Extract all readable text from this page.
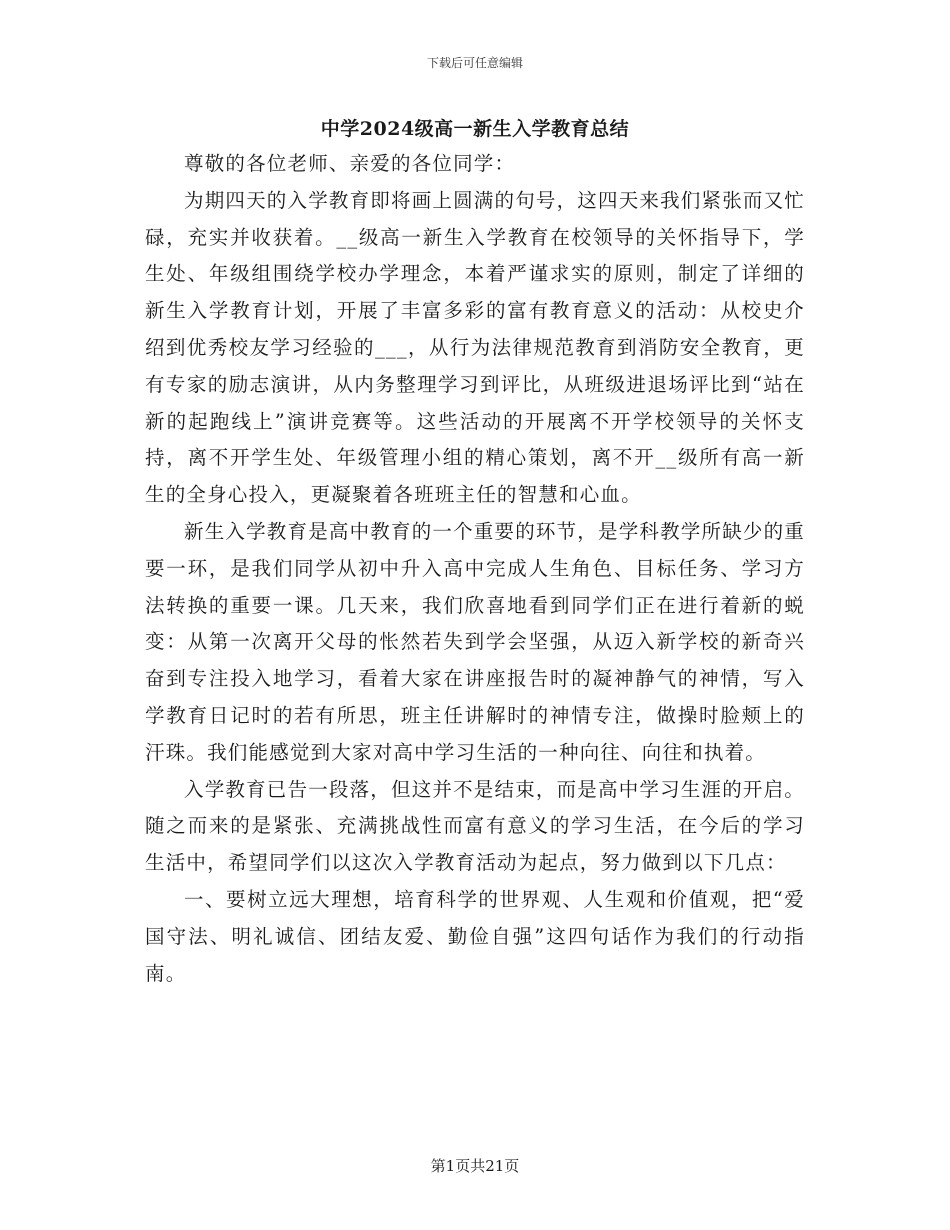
下载后可任意编辑
中学2024级高一新生入学教育总结

尊敬的各位老师、亲爱的各位同学：

为期四天的入学教育即将画上圆满的句号，这四天来我们紧张而又忙碌，充实并收获着。__级高一新生入学教育在校领导的关怀指导下，学生处、年级组围绕学校办学理念，本着严谨求实的原则，制定了详细的新生入学教育计划，开展了丰富多彩的富有教育意义的活动：从校史介绍到优秀校友学习经验的___，从行为法律规范教育到消防安全教育，更有专家的励志演讲，从内务整理学习到评比，从班级进退场评比到“站在新的起跑线上”演讲竞赛等。这些活动的开展离不开学校领导的关怀支持，离不开学生处、年级管理小组的精心策划，离不开__级所有高一新生的全身心投入，更凝聚着各班班主任的智慧和心血。

新生入学教育是高中教育的一个重要的环节，是学科教学所缺少的重要一环，是我们同学从初中升入高中完成人生角色、目标任务、学习方法转换的重要一课。几天来，我们欣喜地看到同学们正在进行着新的蜕变：从第一次离开父母的怅然若失到学会坚强，从迈入新学校的新奇兴奋到专注投入地学习，看着大家在讲座报告时的凝神静气的神情，写入学教育日记时的若有所思，班主任讲解时的神情专注，做操时脸颊上的汗珠。我们能感觉到大家对高中学习生活的一种向往、向往和执着。

入学教育已告一段落，但这并不是结束，而是高中学习生涯的开启。随之而来的是紧张、充满挑战性而富有意义的学习生活，在今后的学习生活中，希望同学们以这次入学教育活动为起点，努力做到以下几点：

一、要树立远大理想，培育科学的世界观、人生观和价值观，把“爱国守法、明礼诚信、团结友爱、勤俭自强”这四句话作为我们的行动指南。

第1页共21页
